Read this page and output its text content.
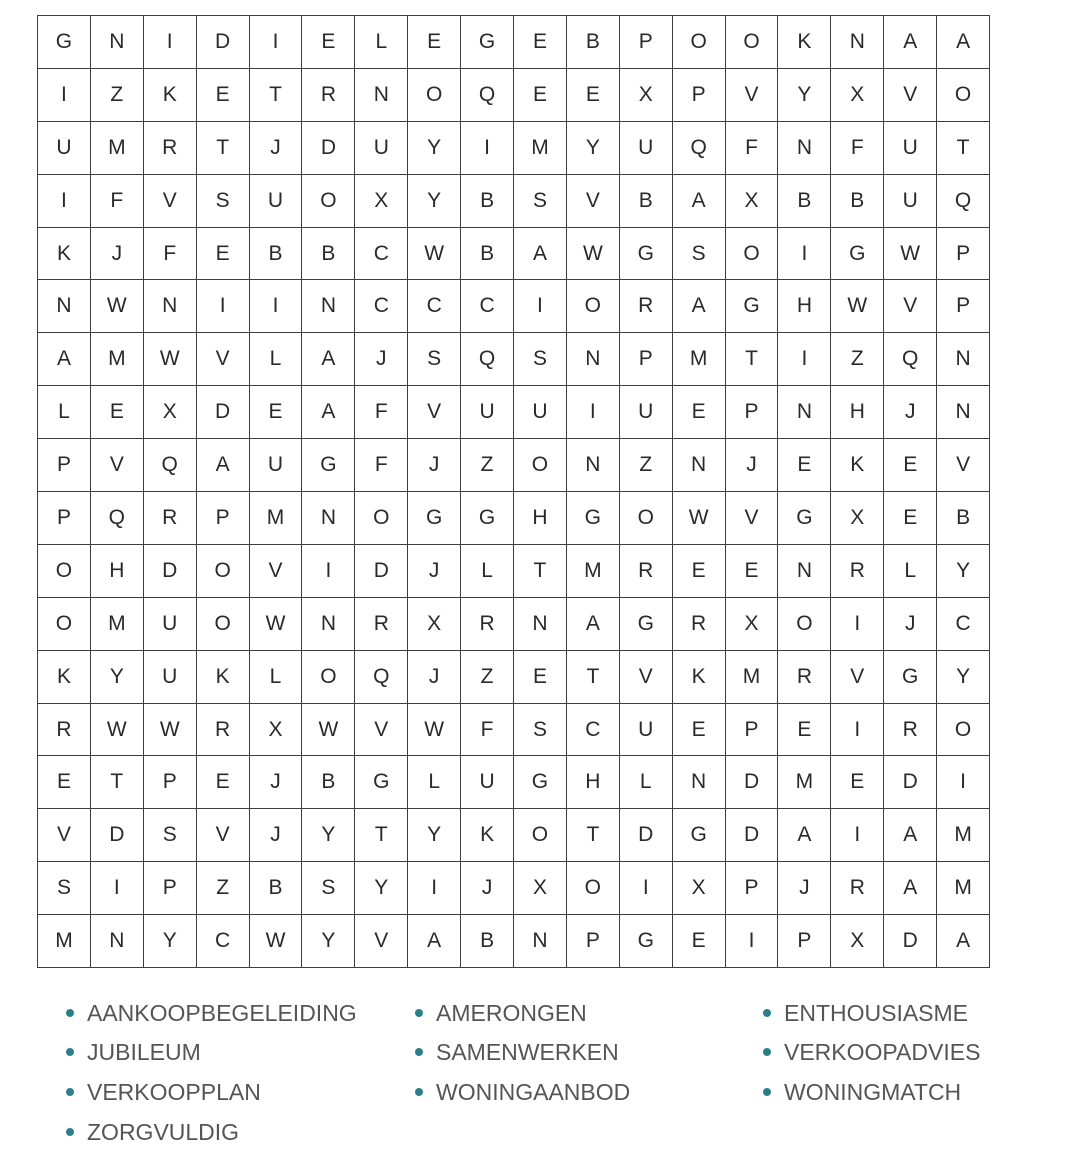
G	N	I	D	I	E	L	E	G	E	B	P	O	O	K	N	A	A
I	Z	K	E	T	R	N	O	Q	E	E	X	P	V	Y	X	V	O
U	M	R	T	J	D	U	Y	I	M	Y	U	Q	F	N	F	U	T
I	F	V	S	U	O	X	Y	B	S	V	B	A	X	B	B	U	Q
K	J	F	E	B	B	C	W	B	A	W	G	S	O	I	G	W	P
N	W	N	I	I	N	C	C	C	I	O	R	A	G	H	W	V	P
A	M	W	V	L	A	J	S	Q	S	N	P	M	T	I	Z	Q	N
L	E	X	D	E	A	F	V	U	U	I	U	E	P	N	H	J	N
P	V	Q	A	U	G	F	J	Z	O	N	Z	N	J	E	K	E	V
P	Q	R	P	M	N	O	G	G	H	G	O	W	V	G	X	E	B
O	H	D	O	V	I	D	J	L	T	M	R	E	E	N	R	L	Y
O	M	U	O	W	N	R	X	R	N	A	G	R	X	O	I	J	C
K	Y	U	K	L	O	Q	J	Z	E	T	V	K	M	R	V	G	Y
R	W	W	R	X	W	V	W	F	S	C	U	E	P	E	I	R	O
E	T	P	E	J	B	G	L	U	G	H	L	N	D	M	E	D	I
V	D	S	V	J	Y	T	Y	K	O	T	D	G	D	A	I	A	M
S	I	P	Z	B	S	Y	I	J	X	O	I	X	P	J	R	A	M
M	N	Y	C	W	Y	V	A	B	N	P	G	E	I	P	X	D	A
AANKOOPBEGELEIDING
JUBILEUM
VERKOOPPLAN
ZORGVULDIG
AMERONGEN
SAMENWERKEN
WONINGAANBOD
ENTHOUSIASME
VERKOOPADVIES
WONINGMATCH
